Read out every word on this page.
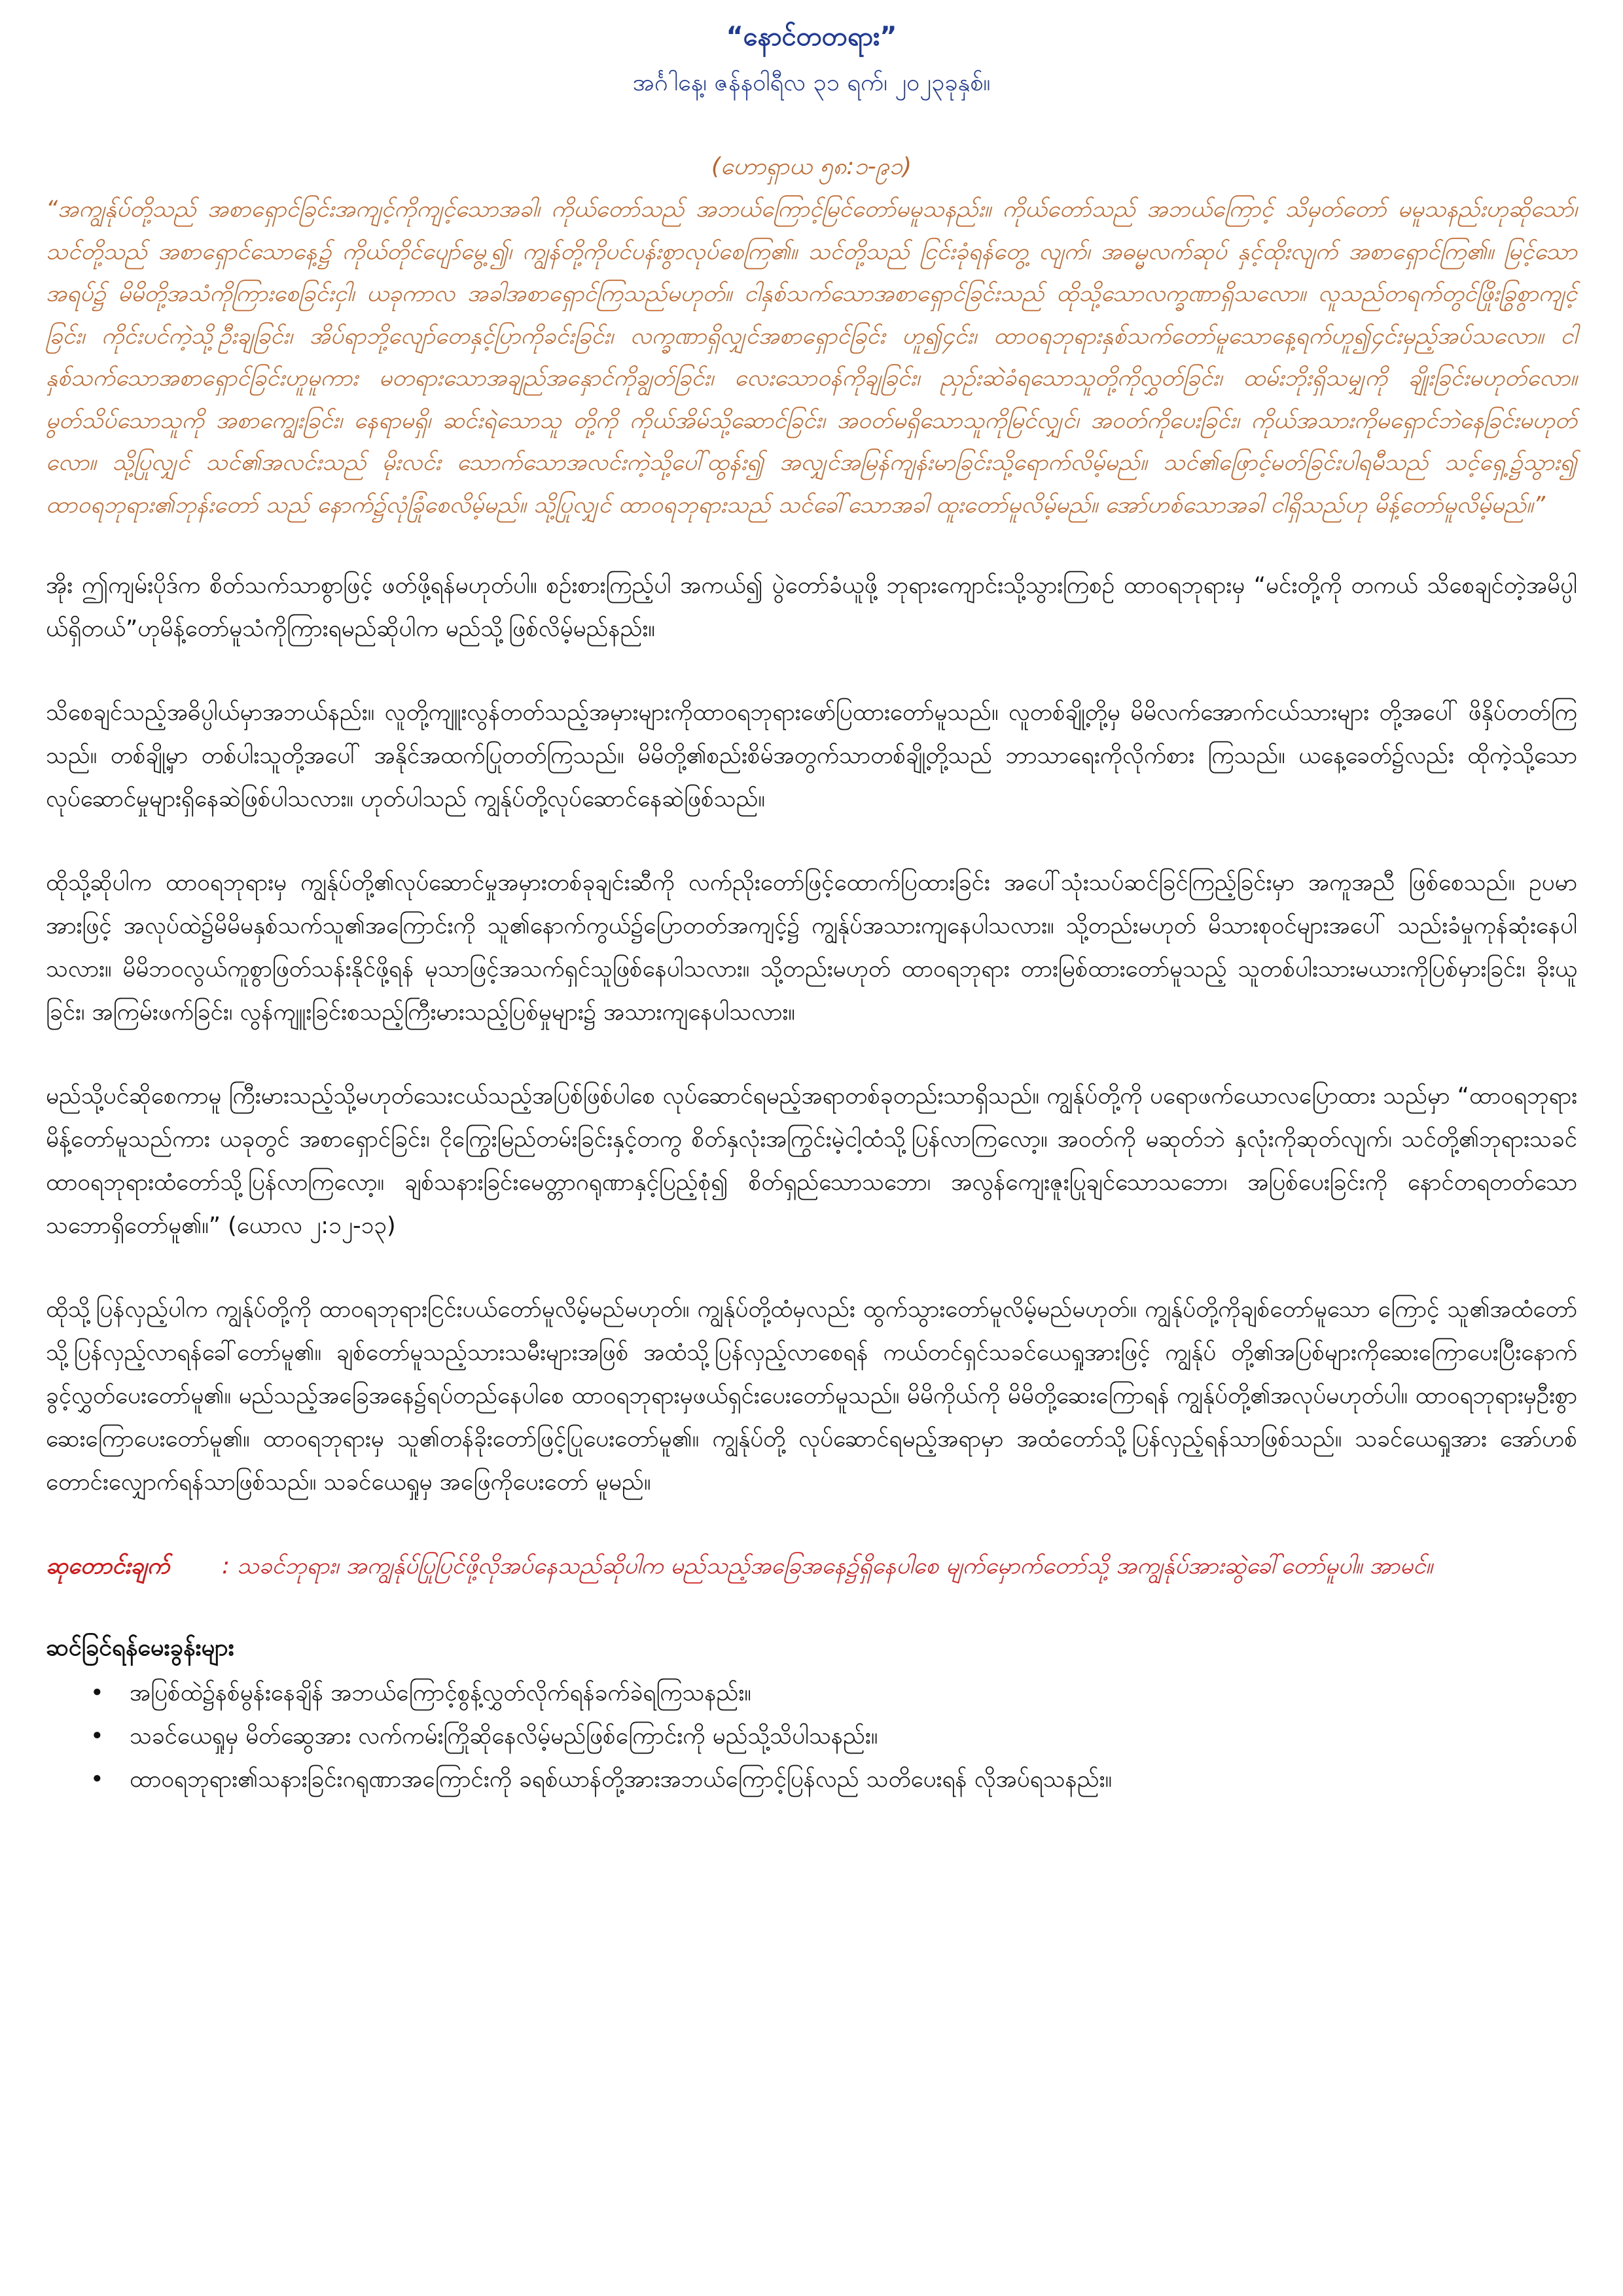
“နောင်တတရား”
အင်္ဂါနေ့၊ ဇန်နဝါရီလ ၃၁ ရက်၊ ၂၀၂၃ခုနှစ်။
(ဟောရှာယ ၅၈:၁-၉၁)
“အကျွန်ုပ်တို့သည် အစာရှောင်ခြင်းအကျင့်ကိုကျင့်သောအခါ၊ ကိုယ်တော်သည် အဘယ်ကြောင့်မြင်တော်မမူသနည်း။ ကိုယ်တော်သည် အဘယ်ကြောင့် သိမှတ်တော် မမူသနည်းဟုဆိုသော်၊ သင်တို့သည် အစာရှောင်သောနေ့၌ ကိုယ်တိုင်ပျော်မွေ့၍၊ ကျွန်တို့ကိုပင်ပန်းစွာလုပ်စေကြ၏။ သင်တို့သည် ငြင်းခုံရန်တွေ့ လျက်၊ အဓမ္မလက်ဆုပ် နှင့်ထိုးလျက် အစာရှောင်ကြ၏။ မြင့်သောအရပ်၌ မိမိတို့အသံကိုကြားစေခြင်းငှါ၊ ယခုကာလ အခါအစာရှောင်ကြသည်မဟုတ်။ ငါနှစ်သက်သောအစာရှောင်ခြင်းသည် ထိုသို့သောလက္ခဏာရှိသလော။ လူသည်တရက်တွင်ဖြိုးခြွစွာကျင့်ခြင်း၊ ကိုင်းပင်ကဲ့သို့ဦးချခြင်း၊ အိပ်ရာဘို့လျော်တေနှင့်ပြာကိုခင်းခြင်း၊ လက္ခဏာရှိလျှင်အစာရှောင်ခြင်း ဟူ၍၄င်း၊ ထာဝရဘုရားနှစ်သက်တော်မူသောနေ့ရက်ဟူ၍၄င်းမှည့်အပ်သလော။ ငါနှစ်သက်သောအစာရှောင်ခြင်းဟူမူကား မတရားသောအချည်အနှောင်ကိုချွတ်ခြင်း၊ လေးသောဝန်ကိုချခြင်း၊ ညှဉ်းဆဲခံရသောသူတို့ကိုလွှတ်ခြင်း၊ ထမ်းဘိုးရှိသမျှကို ချိုးခြင်းမဟုတ်လော။ မွတ်သိပ်သောသူကို အစာကျွေးခြင်း၊ နေရာမရှိ၊ ဆင်းရဲသောသူ တို့ကို ကိုယ်အိမ်သို့ဆောင်ခြင်း၊ အဝတ်မရှိသောသူကိုမြင်လျှင်၊ အဝတ်ကိုပေးခြင်း၊ ကိုယ်အသားကိုမရှောင်ဘဲနေခြင်းမဟုတ်လော။ သို့ပြုလျှင် သင်၏အလင်းသည် မိုးလင်း သောက်သောအလင်းကဲ့သို့ပေါ်ထွန်း၍ အလျှင်အမြန်ကျန်းမာခြင်းသို့ရောက်လိမ့်မည်။ သင်၏ဖြောင့်မတ်ခြင်းပါရမီသည် သင့်ရှေ့၌သွား၍ ထာဝရဘုရား၏ဘုန်းတော် သည် နောက်၌လုံခြုံစေလိမ့်မည်။ သို့ပြုလျှင် ထာဝရဘုရားသည် သင်ခေါ်သောအခါ ထူးတော်မူလိမ့်မည်။ အော်ဟစ်သောအခါ ငါရှိသည်ဟု မိန့်တော်မူလိမ့်မည်။”
အိုး ဤကျမ်းပိုဒ်က စိတ်သက်သာစွာဖြင့် ဖတ်ဖို့ရန်မဟုတ်ပါ။ စဉ်းစားကြည့်ပါ အကယ်၍ ပွဲတော်ခံယူဖို့ ဘုရားကျောင်းသို့သွားကြစဉ် ထာဝရဘုရားမှ “မင်းတို့ကို တကယ် သိစေချင်တဲ့အမိပ္ပါယ်ရှိတယ်”ဟုမိန့်တော်မူသံကိုကြားရမည်ဆိုပါက မည်သို့ဖြစ်လိမ့်မည်နည်း။
သိစေချင်သည့်အဓိပ္ပါယ်မှာအဘယ်နည်း။ လူတို့ကျူးလွန်တတ်သည့်အမှားများကိုထာဝရဘုရားဖော်ပြထားတော်မူသည်။ လူတစ်ချို့တို့မှ မိမိလက်အောက်ငယ်သားများ တို့အပေါ် ဖိနှိပ်တတ်ကြသည်။ တစ်ချို့မှာ တစ်ပါးသူတို့အပေါ် အနိုင်အထက်ပြုတတ်ကြသည်။ မိမိတို့၏စည်းစိမ်အတွက်သာတစ်ချို့တို့သည် ဘာသာရေးကိုလိုက်စား ကြသည်။ ယနေ့ခေတ်၌လည်း ထိုကဲ့သို့သောလုပ်ဆောင်မှုများရှိနေဆဲဖြစ်ပါသလား။ ဟုတ်ပါသည် ကျွန်ုပ်တို့လုပ်ဆောင်နေဆဲဖြစ်သည်။
ထိုသို့ဆိုပါက ထာဝရဘုရားမှ ကျွန်ုပ်တို့၏လုပ်ဆောင်မှုအမှားတစ်ခုချင်းဆီကို လက်ညိုးတော်ဖြင့်ထောက်ပြထားခြင်း အပေါ်သုံးသပ်ဆင်ခြင်ကြည့်ခြင်းမှာ အကူအညီ ဖြစ်စေသည်။ ဥပမာအားဖြင့် အလုပ်ထဲ၌မိမိမနှစ်သက်သူ၏အကြောင်းကို သူ၏နောက်ကွယ်၌ပြောတတ်အကျင့်၌ ကျွန်ုပ်အသားကျနေပါသလား။ သို့တည်းမဟုတ် မိသားစုဝင်များအပေါ် သည်းခံမှုကုန်ဆုံးနေပါသလား။ မိမိဘဝလွယ်ကူစွာဖြတ်သန်းနိုင်ဖို့ရန် မုသာဖြင့်အသက်ရှင်သူဖြစ်နေပါသလား။ သို့တည်းမဟုတ် ထာဝရဘုရား တားမြစ်ထားတော်မူသည့် သူတစ်ပါးသားမယားကိုပြစ်မှားခြင်း၊ ခိုးယူခြင်း၊ အကြမ်းဖက်ခြင်း၊ လွန်ကျူးခြင်းစသည့်ကြီးမားသည့်ပြစ်မှုများ၌ အသားကျနေပါသလား။
မည်သို့ပင်ဆိုစေကာမူ ကြီးမားသည့်သို့မဟုတ်သေးငယ်သည့်အပြစ်ဖြစ်ပါစေ လုပ်ဆောင်ရမည့်အရာတစ်ခုတည်းသာရှိသည်။ ကျွန်ုပ်တို့ကို ပရောဖက်ယောလပြောထား သည်မှာ “ထာဝရဘုရားမိန့်တော်မူသည်ကား ယခုတွင် အစာရှောင်ခြင်း၊ ငိုကြွေးမြည်တမ်းခြင်းနှင့်တကွ စိတ်နှလုံးအကြွင်းမဲ့ငါ့ထံသို့ပြန်လာကြလော့။ အဝတ်ကို မဆုတ်ဘဲ နှလုံးကိုဆုတ်လျက်၊ သင်တို့၏ဘုရားသခင်ထာဝရဘုရားထံတော်သို့ပြန်လာကြလော့။ ချစ်သနားခြင်းမေတ္တာဂရုဏာနှင့်ပြည့်စုံ၍ စိတ်ရှည်သောသဘော၊ အလွန်ကျေးဇူးပြုချင်သောသဘော၊ အပြစ်ပေးခြင်းကို နောင်တရတတ်သောသဘောရှိတော်မူ၏။” (ယောလ ၂:၁၂-၁၃)
ထိုသို့ပြန်လှည့်ပါက ကျွန်ုပ်တို့ကို ထာဝရဘုရားငြင်းပယ်တော်မူလိမ့်မည်မဟုတ်။ ကျွန်ုပ်တို့ထံမှလည်း ထွက်သွားတော်မူလိမ့်မည်မဟုတ်။ ကျွန်ုပ်တို့ကိုချစ်တော်မူသော ကြောင့် သူ၏အထံတော်သို့ပြန်လှည့်လာရန်ခေါ်တော်မူ၏။ ချစ်တော်မူသည့်သားသမီးများအဖြစ် အထံသို့ပြန်လှည့်လာစေရန် ကယ်တင်ရှင်သခင်ယေရှုအားဖြင့် ကျွန်ုပ် တို့၏အပြစ်များကိုဆေးကြောပေးပြီးနောက် ခွင့်လွှတ်ပေးတော်မူ၏။ မည်သည့်အခြေအနေ၌ရပ်တည်နေပါစေ ထာဝရဘုရားမှဖယ်ရှင်းပေးတော်မူသည်။ မိမိကိုယ်ကို မိမိတို့ဆေးကြောရန် ကျွန်ုပ်တို့၏အလုပ်မဟုတ်ပါ။ ထာဝရဘုရားမှဦးစွာ ဆေးကြောပေးတော်မူ၏။ ထာဝရဘုရားမှ သူ၏တန်ခိုးတော်ဖြင့်ပြုပေးတော်မူ၏။ ကျွန်ုပ်တို့ လုပ်ဆောင်ရမည့်အရာမှာ အထံတော်သို့ပြန်လှည့်ရန်သာဖြစ်သည်။ သခင်ယေရှုအား အော်ဟစ်တောင်းလျှောက်ရန်သာဖြစ်သည်။ သခင်ယေရှုမှ အဖြေကိုပေးတော် မူမည်။
ဆုတောင်းချက် : သခင်ဘုရား၊ အကျွန်ုပ်ပြုပြင်ဖို့လိုအပ်နေသည်ဆိုပါက မည်သည့်အခြေအနေ၌ရှိနေပါစေ မျက်မှောက်တော်သို့ အကျွန်ုပ်အားဆွဲခေါ်တော်မူပါ။ အာမင်။
ဆင်ခြင်ရန်မေးခွန်းများ
• အပြစ်ထဲ၌နစ်မွန်းနေချိန် အဘယ်ကြောင့်စွန့်လွှတ်လိုက်ရန်ခက်ခဲရကြသနည်း။
• သခင်ယေရှုမှ မိတ်ဆွေအား လက်ကမ်းကြိုဆိုနေလိမ့်မည်ဖြစ်ကြောင်းကို မည်သို့သိပါသနည်း။
• ထာဝရဘုရား၏သနားခြင်းဂရုဏာအကြောင်းကို ခရစ်ယာန်တို့အားအဘယ်ကြောင့်ပြန်လည် သတိပေးရန် လိုအပ်ရသနည်း။
